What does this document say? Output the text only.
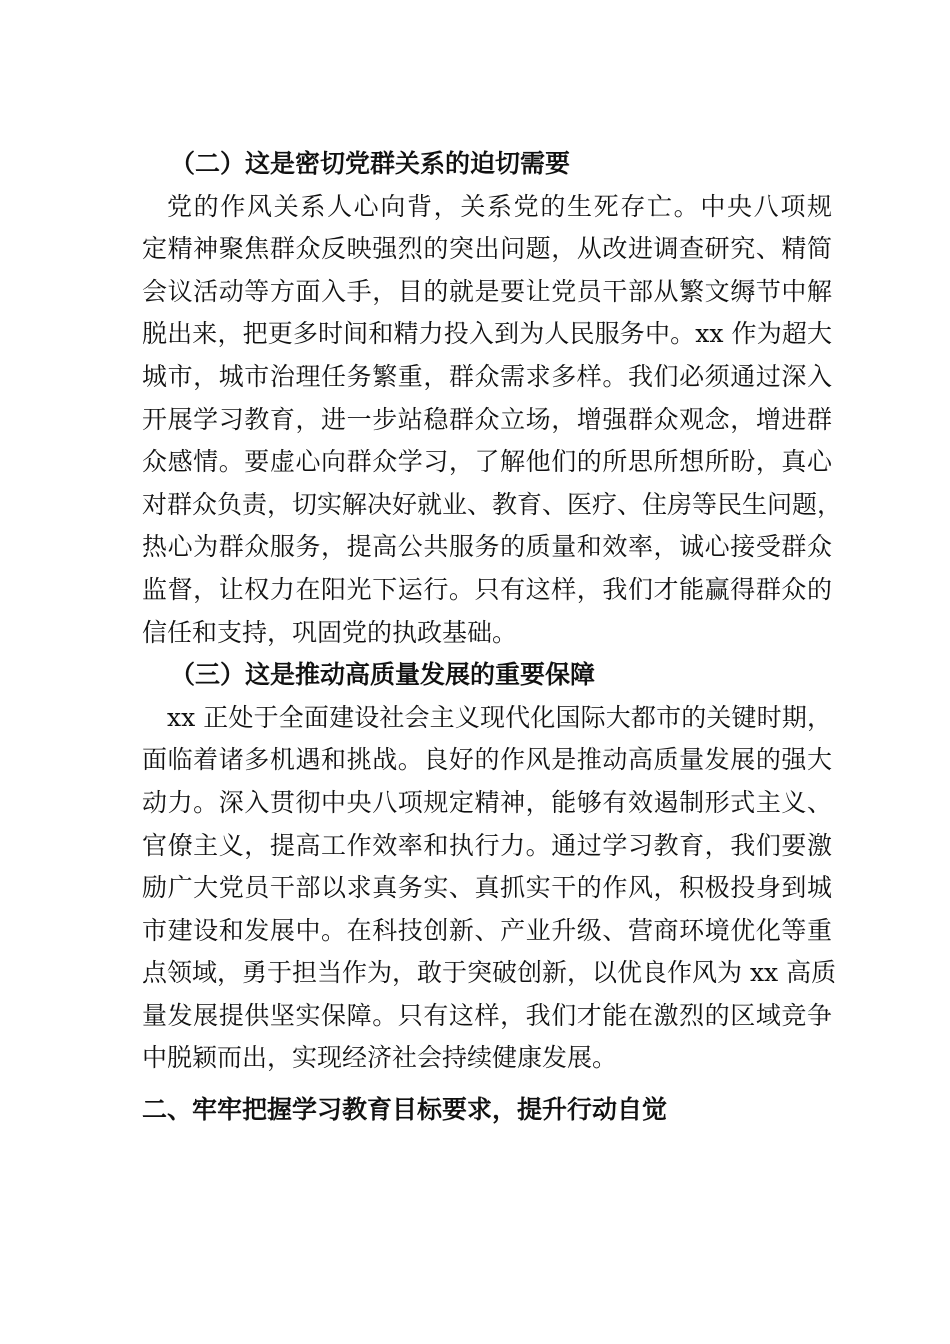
（二）这是密切党群关系的迫切需要
党的作风关系人心向背，关系党的生死存亡。中央八项规
定精神聚焦群众反映强烈的突出问题，从改进调查研究、精简
会议活动等方面入手，目的就是要让党员干部从繁文缛节中解
脱出来，把更多时间和精力投入到为人民服务中。xx 作为超大
城市，城市治理任务繁重，群众需求多样。我们必须通过深入
开展学习教育，进一步站稳群众立场，增强群众观念，增进群
众感情。要虚心向群众学习，了解他们的所思所想所盼，真心
对群众负责，切实解决好就业、教育、医疗、住房等民生问题，
热心为群众服务，提高公共服务的质量和效率，诚心接受群众
监督，让权力在阳光下运行。只有这样，我们才能赢得群众的
信任和支持，巩固党的执政基础。
（三）这是推动高质量发展的重要保障
xx 正处于全面建设社会主义现代化国际大都市的关键时期，
面临着诸多机遇和挑战。良好的作风是推动高质量发展的强大
动力。深入贯彻中央八项规定精神，能够有效遏制形式主义、
官僚主义，提高工作效率和执行力。通过学习教育，我们要激
励广大党员干部以求真务实、真抓实干的作风，积极投身到城
市建设和发展中。在科技创新、产业升级、营商环境优化等重
点领域，勇于担当作为，敢于突破创新，以优良作风为 xx 高质
量发展提供坚实保障。只有这样，我们才能在激烈的区域竞争
中脱颖而出，实现经济社会持续健康发展。
二、牢牢把握学习教育目标要求，提升行动自觉
